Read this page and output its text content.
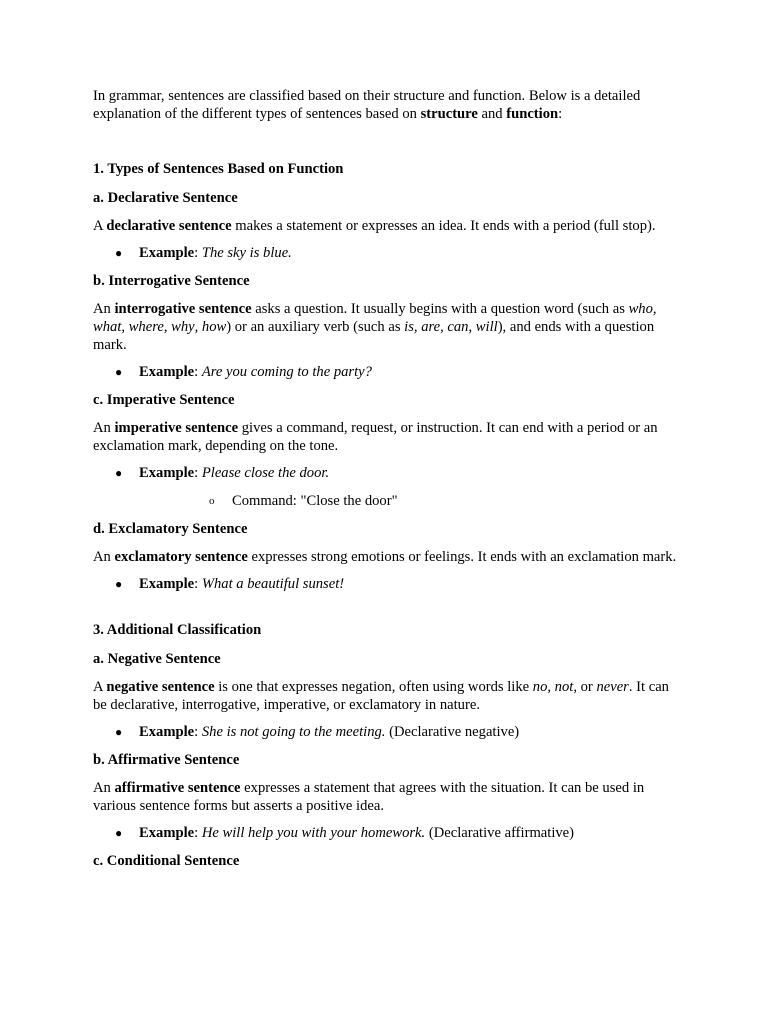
In grammar, sentences are classified based on their structure and function. Below is a detailed explanation of the different types of sentences based on structure and function:

1. Types of Sentences Based on Function

a. Declarative Sentence

A declarative sentence makes a statement or expresses an idea. It ends with a period (full stop).

● Example: The sky is blue.

b. Interrogative Sentence

An interrogative sentence asks a question. It usually begins with a question word (such as who, what, where, why, how) or an auxiliary verb (such as is, are, can, will), and ends with a question mark.

● Example: Are you coming to the party?

c. Imperative Sentence

An imperative sentence gives a command, request, or instruction. It can end with a period or an exclamation mark, depending on the tone.

● Example: Please close the door.
o Command: "Close the door"

d. Exclamatory Sentence

An exclamatory sentence expresses strong emotions or feelings. It ends with an exclamation mark.

● Example: What a beautiful sunset!

3. Additional Classification

a. Negative Sentence

A negative sentence is one that expresses negation, often using words like no, not, or never. It can be declarative, interrogative, imperative, or exclamatory in nature.

● Example: She is not going to the meeting. (Declarative negative)

b. Affirmative Sentence

An affirmative sentence expresses a statement that agrees with the situation. It can be used in various sentence forms but asserts a positive idea.

● Example: He will help you with your homework. (Declarative affirmative)

c. Conditional Sentence
